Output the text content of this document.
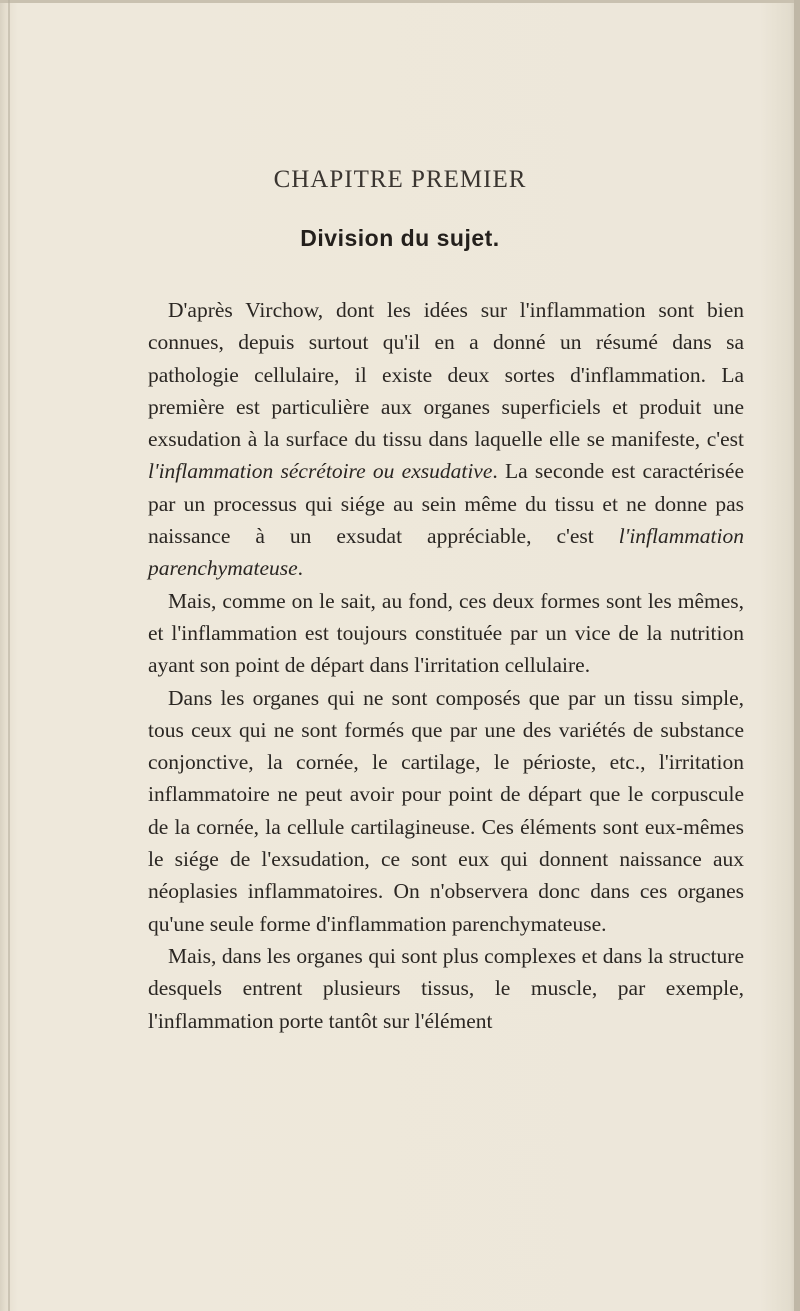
CHAPITRE PREMIER
Division du sujet.

D'après Virchow, dont les idées sur l'inflammation sont bien connues, depuis surtout qu'il en a donné un résumé dans sa pathologie cellulaire, il existe deux sortes d'inflammation. La première est particulière aux organes superficiels et produit une exsudation à la surface du tissu dans laquelle elle se manifeste, c'est l'inflammation sécrétoire ou exsudative. La seconde est caractérisée par un processus qui siége au sein même du tissu et ne donne pas naissance à un exsudat appréciable, c'est l'inflammation parenchymateuse.

Mais, comme on le sait, au fond, ces deux formes sont les mêmes, et l'inflammation est toujours constituée par un vice de la nutrition ayant son point de départ dans l'irritation cellulaire.

Dans les organes qui ne sont composés que par un tissu simple, tous ceux qui ne sont formés que par une des variétés de substance conjonctive, la cornée, le cartilage, le périoste, etc., l'irritation inflammatoire ne peut avoir pour point de départ que le corpuscule de la cornée, la cellule cartilagineuse. Ces éléments sont eux-mêmes le siége de l'exsudation, ce sont eux qui donnent naissance aux néoplasies inflammatoires. On n'observera donc dans ces organes qu'une seule forme d'inflammation parenchymateuse.

Mais, dans les organes qui sont plus complexes et dans la structure desquels entrent plusieurs tissus, le muscle, par exemple, l'inflammation porte tantôt sur l'élément
